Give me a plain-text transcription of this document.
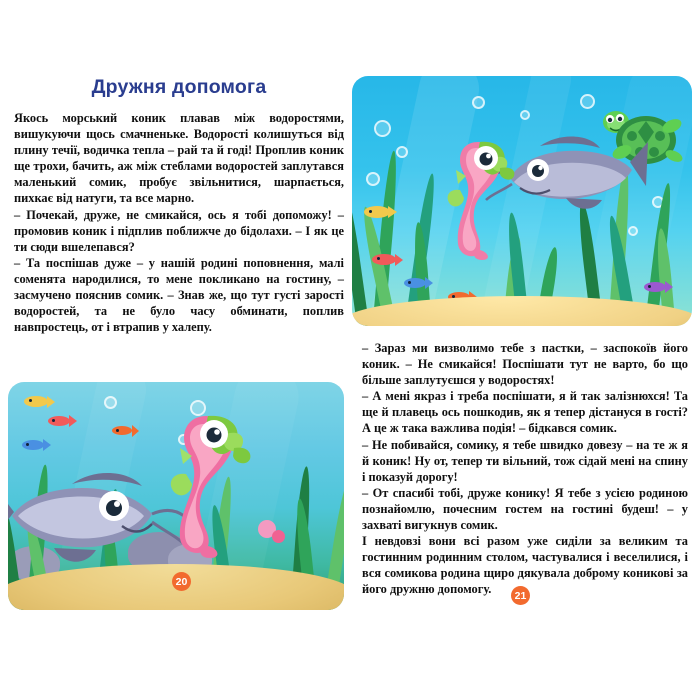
Дружня допомога

Якось морський коник плавав між водоростями, вишукуючи щось смачненьке. Водорості колишуться від плину течії, водичка тепла – рай та й годі! Проплив коник ще трохи, бачить, аж між стеблами водоростей заплутався маленький сомик, пробує звільнитися, шарпається, пихкає від натуги, та все марно.

– Почекай, друже, не смикайся, ось я тобі допоможу! – промовив коник і підплив поближче до бідолахи. – І як це ти сюди вшелепався?

– Та поспішав дуже – у нашій родині поповнення, малі соменята народилися, то мене покликано на гостину, – засмучено пояснив сомик. – Знав же, що тут густі зарості водоростей, та не було часу обминати, поплив навпростець, от і втрапив у халепу.

– Зараз ми визволимо тебе з пастки, – заспокоїв його коник. – Не смикайся! Поспішати тут не варто, бо що більше заплутуєшся у водоростях!

– А мені якраз і треба поспішати, я й так залізнюхся! Та ще й плавець ось пошкодив, як я тепер дістануся в гості? А це ж така важлива подія! – бідкався сомик.

– Не побивайся, сомику, я тебе швидко довезу – на те ж я й коник! Ну от, тепер ти вільний, тож сідай мені на спину і показуй дорогу!

– От спасибі тобі, друже конику! Я тебе з усією родиною познайомлю, почесним гостем на гостині будеш! – у захваті вигукнув сомик.

І невдовзі вони всі разом уже сиділи за великим та гостинним родинним столом, частувалися і веселилися, і вся сомикова родина щиро дякувала доброму коникові за його дружню допомогу.

20
21
